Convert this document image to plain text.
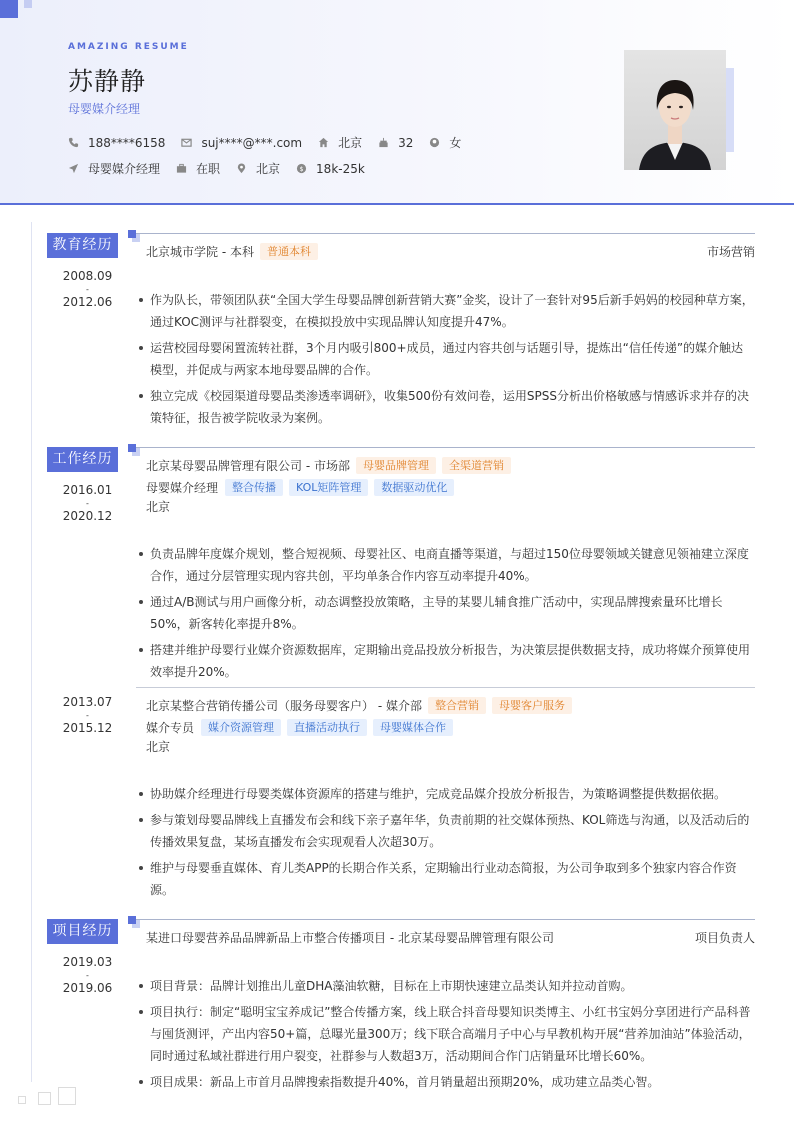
AMAZING RESUME
苏静静
母婴媒介经理
188****6158	suj****@***.com	北京	32	女
母婴媒介经理	在职	北京	$ 18k-25k
教育经历
2008.09
-
2012.06
北京城市学院 - 本科	普通本科	市场营销
作为队长，带领团队获“全国大学生母婴品牌创新营销大赛”金奖，设计了一套针对95后新手妈妈的校园种草方案，通过KOC测评与社群裂变，在模拟投放中实现品牌认知度提升47%。
运营校园母婴闲置流转社群，3个月内吸引800+成员，通过内容共创与话题引导，提炼出“信任传递”的媒介触达模型，并促成与两家本地母婴品牌的合作。
独立完成《校园渠道母婴品类渗透率调研》，收集500份有效问卷，运用SPSS分析出价格敏感与情感诉求并存的决策特征，报告被学院收录为案例。
工作经历
2016.01
-
2020.12
北京某母婴品牌管理有限公司 - 市场部	母婴品牌管理	全渠道营销
母婴媒介经理	整合传播	KOL矩阵管理	数据驱动优化
北京
负责品牌年度媒介规划，整合短视频、母婴社区、电商直播等渠道，与超过150位母婴领域关键意见领袖建立深度合作，通过分层管理实现内容共创，平均单条合作内容互动率提升40%。
通过A/B测试与用户画像分析，动态调整投放策略，主导的某婴儿辅食推广活动中，实现品牌搜索量环比增长50%，新客转化率提升8%。
搭建并维护母婴行业媒介资源数据库，定期输出竞品投放分析报告，为决策层提供数据支持，成功将媒介预算使用效率提升20%。
2013.07
-
2015.12
北京某整合营销传播公司（服务母婴客户） - 媒介部	整合营销	母婴客户服务
媒介专员	媒介资源管理	直播活动执行	母婴媒体合作
北京
协助媒介经理进行母婴类媒体资源库的搭建与维护，完成竞品媒介投放分析报告，为策略调整提供数据依据。
参与策划母婴品牌线上直播发布会和线下亲子嘉年华，负责前期的社交媒体预热、KOL筛选与沟通，以及活动后的传播效果复盘，某场直播发布会实现观看人次超30万。
维护与母婴垂直媒体、育儿类APP的长期合作关系，定期输出行业动态简报，为公司争取到多个独家内容合作资源。
项目经历
2019.03
-
2019.06
某进口母婴营养品品牌新品上市整合传播项目 - 北京某母婴品牌管理有限公司	项目负责人
项目背景：品牌计划推出儿童DHA藻油软糖，目标在上市期快速建立品类认知并拉动首购。
项目执行：制定“聪明宝宝养成记”整合传播方案，线上联合抖音母婴知识类博主、小红书宝妈分享团进行产品科普与囤货测评，产出内容50+篇，总曝光量300万；线下联合高端月子中心与早教机构开展“营养加油站”体验活动，同时通过私域社群进行用户裂变，社群参与人数超3万，活动期间合作门店销量环比增长60%。
项目成果：新品上市首月品牌搜索指数提升40%，首月销量超出预期20%，成功建立品类心智。
